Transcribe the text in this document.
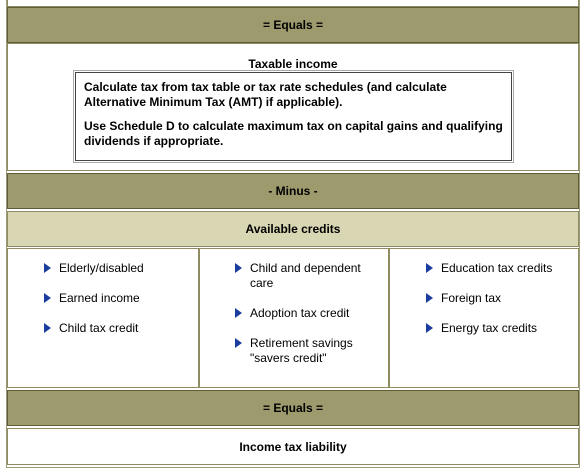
= Equals =
Taxable income

Calculate tax from tax table or tax rate schedules (and calculate Alternative Minimum Tax (AMT) if applicable).

Use Schedule D to calculate maximum tax on capital gains and qualifying dividends if appropriate.

- Minus -
Available credits
Elderly/disabled
Earned income
Child tax credit
Child and dependent care
Adoption tax credit
Retirement savings "savers credit"
Education tax credits
Foreign tax
Energy tax credits
= Equals =
Income tax liability
